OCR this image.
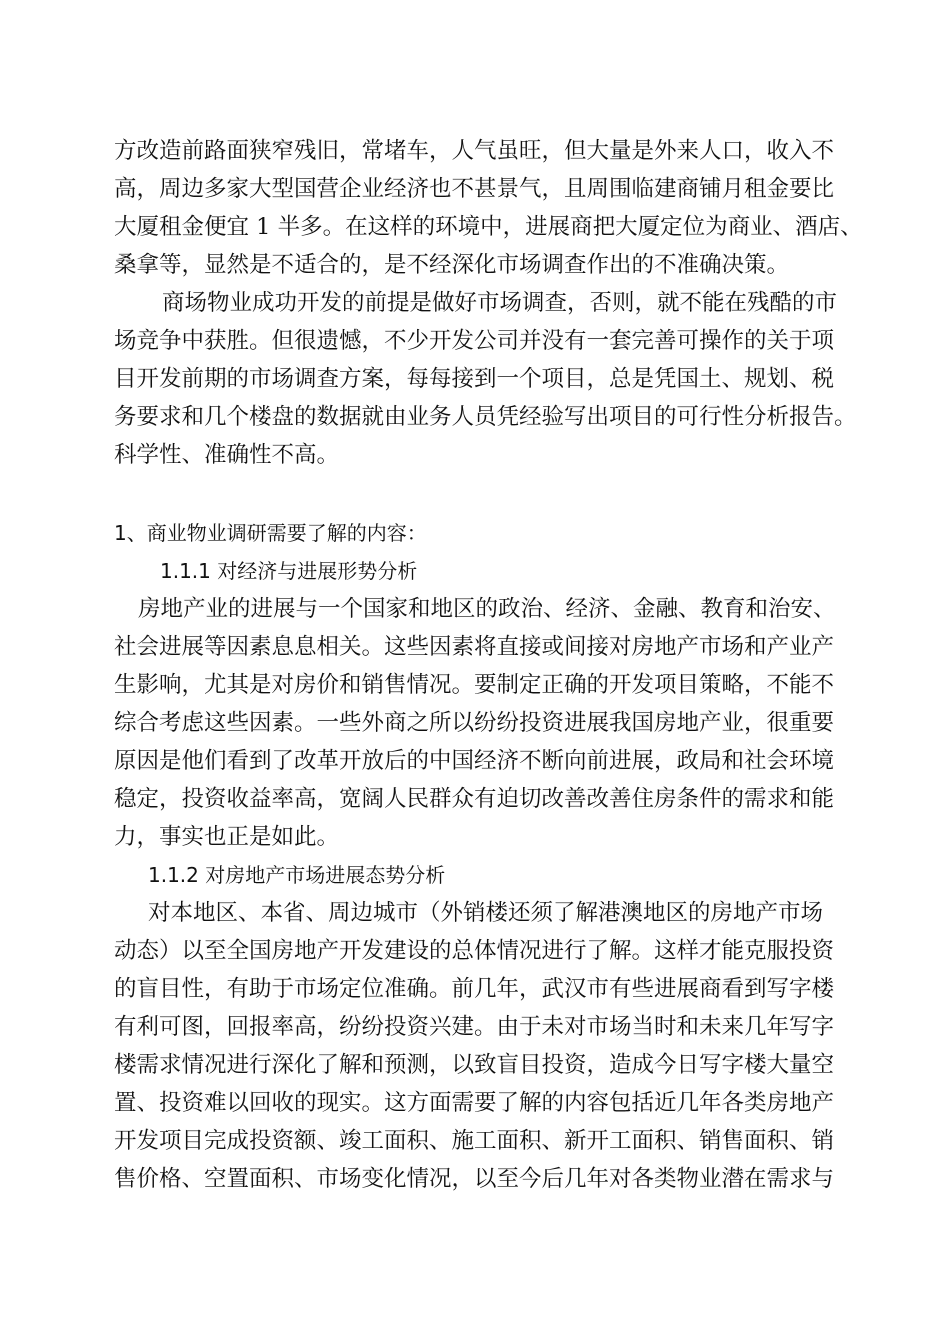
方改造前路面狭窄残旧，常堵车，人气虽旺，但大量是外来人口，收入不
高，周边多家大型国营企业经济也不甚景气，且周围临建商铺月租金要比
大厦租金便宜 1 半多。在这样的环境中，进展商把大厦定位为商业、酒店、
桑拿等，显然是不适合的，是不经深化市场调查作出的不准确决策。
商场物业成功开发的前提是做好市场调查，否则，就不能在残酷的市
场竞争中获胜。但很遗憾，不少开发公司并没有一套完善可操作的关于项
目开发前期的市场调查方案，每每接到一个项目，总是凭国土、规划、税
务要求和几个楼盘的数据就由业务人员凭经验写出项目的可行性分析报告。
科学性、准确性不高。
1、商业物业调研需要了解的内容：
1.1.1 对经济与进展形势分析
房地产业的进展与一个国家和地区的政治、经济、金融、教育和治安、
社会进展等因素息息相关。这些因素将直接或间接对房地产市场和产业产
生影响，尤其是对房价和销售情况。要制定正确的开发项目策略，不能不
综合考虑这些因素。一些外商之所以纷纷投资进展我国房地产业，很重要
原因是他们看到了改革开放后的中国经济不断向前进展，政局和社会环境
稳定，投资收益率高，宽阔人民群众有迫切改善改善住房条件的需求和能
力，事实也正是如此。
1.1.2 对房地产市场进展态势分析
对本地区、本省、周边城市（外销楼还须了解港澳地区的房地产市场
动态）以至全国房地产开发建设的总体情况进行了解。这样才能克服投资
的盲目性，有助于市场定位准确。前几年，武汉市有些进展商看到写字楼
有利可图，回报率高，纷纷投资兴建。由于未对市场当时和未来几年写字
楼需求情况进行深化了解和预测，以致盲目投资，造成今日写字楼大量空
置、投资难以回收的现实。这方面需要了解的内容包括近几年各类房地产
开发项目完成投资额、竣工面积、施工面积、新开工面积、销售面积、销
售价格、空置面积、市场变化情况，以至今后几年对各类物业潜在需求与
